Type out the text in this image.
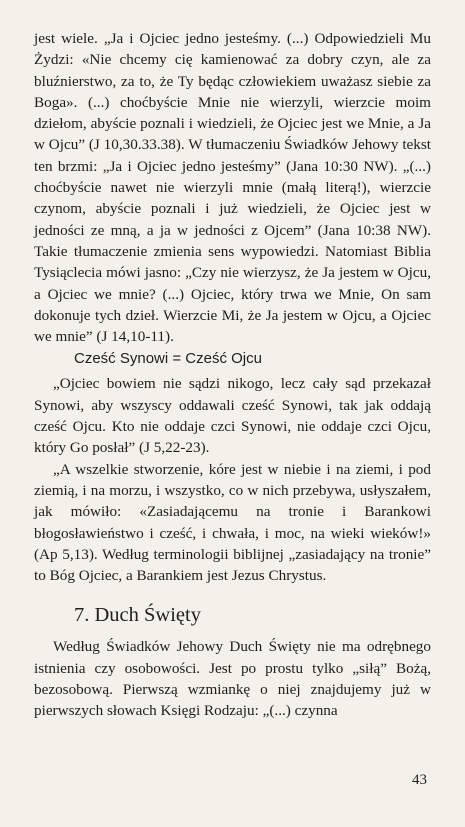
jest wiele. „Ja i Ojciec jedno jesteśmy. (...) Odpowiedzieli Mu Żydzi: «Nie chcemy cię kamienować za dobry czyn, ale za bluźnierstwo, za to, że Ty będąc człowiekiem uważasz siebie za Boga». (...) choćbyście Mnie nie wierzyli, wierzcie moim dziełom, abyście poznali i wiedzieli, że Ojciec jest we Mnie, a Ja w Ojcu” (J 10,30.33.38). W tłumaczeniu Świadków Jehowy tekst ten brzmi: „Ja i Ojciec jedno jesteśmy” (Jana 10:30 NW). „(...) choćbyście nawet nie wierzyli mnie (małą literą!), wierzcie czynom, abyście poznali i już wiedzieli, że Ojciec jest w jedności ze mną, a ja w jedności z Ojcem” (Jana 10:38 NW). Takie tłumaczenie zmienia sens wypowiedzi. Natomiast Biblia Tysiąclecia mówi jasno: „Czy nie wierzysz, że Ja jestem w Ojcu, a Ojciec we mnie? (...) Ojciec, który trwa we Mnie, On sam dokonuje tych dzieł. Wierzcie Mi, że Ja jestem w Ojcu, a Ojciec we mnie” (J 14,10-11).

Cześć Synowi = Cześć Ojcu

„Ojciec bowiem nie sądzi nikogo, lecz cały sąd przekazał Synowi, aby wszyscy oddawali cześć Synowi, tak jak oddają cześć Ojcu. Kto nie oddaje czci Synowi, nie oddaje czci Ojcu, który Go posłał” (J 5,22-23).

„A wszelkie stworzenie, kóre jest w niebie i na ziemi, i pod ziemią, i na morzu, i wszystko, co w nich przebywa, usłyszałem, jak mówiło: «Zasiadającemu na tronie i Barankowi błogosławieństwo i cześć, i chwała, i moc, na wieki wieków!» (Ap 5,13). Według terminologii biblijnej „zasiadający na tronie” to Bóg Ojciec, a Barankiem jest Jezus Chrystus.

7. Duch Święty

Według Świadków Jehowy Duch Święty nie ma odrębnego istnienia czy osobowości. Jest po prostu tylko „siłą” Bożą, bezosobową. Pierwszą wzmiankę o niej znajdujemy już w pierwszych słowach Księgi Rodzaju: „(...) czynna

43
